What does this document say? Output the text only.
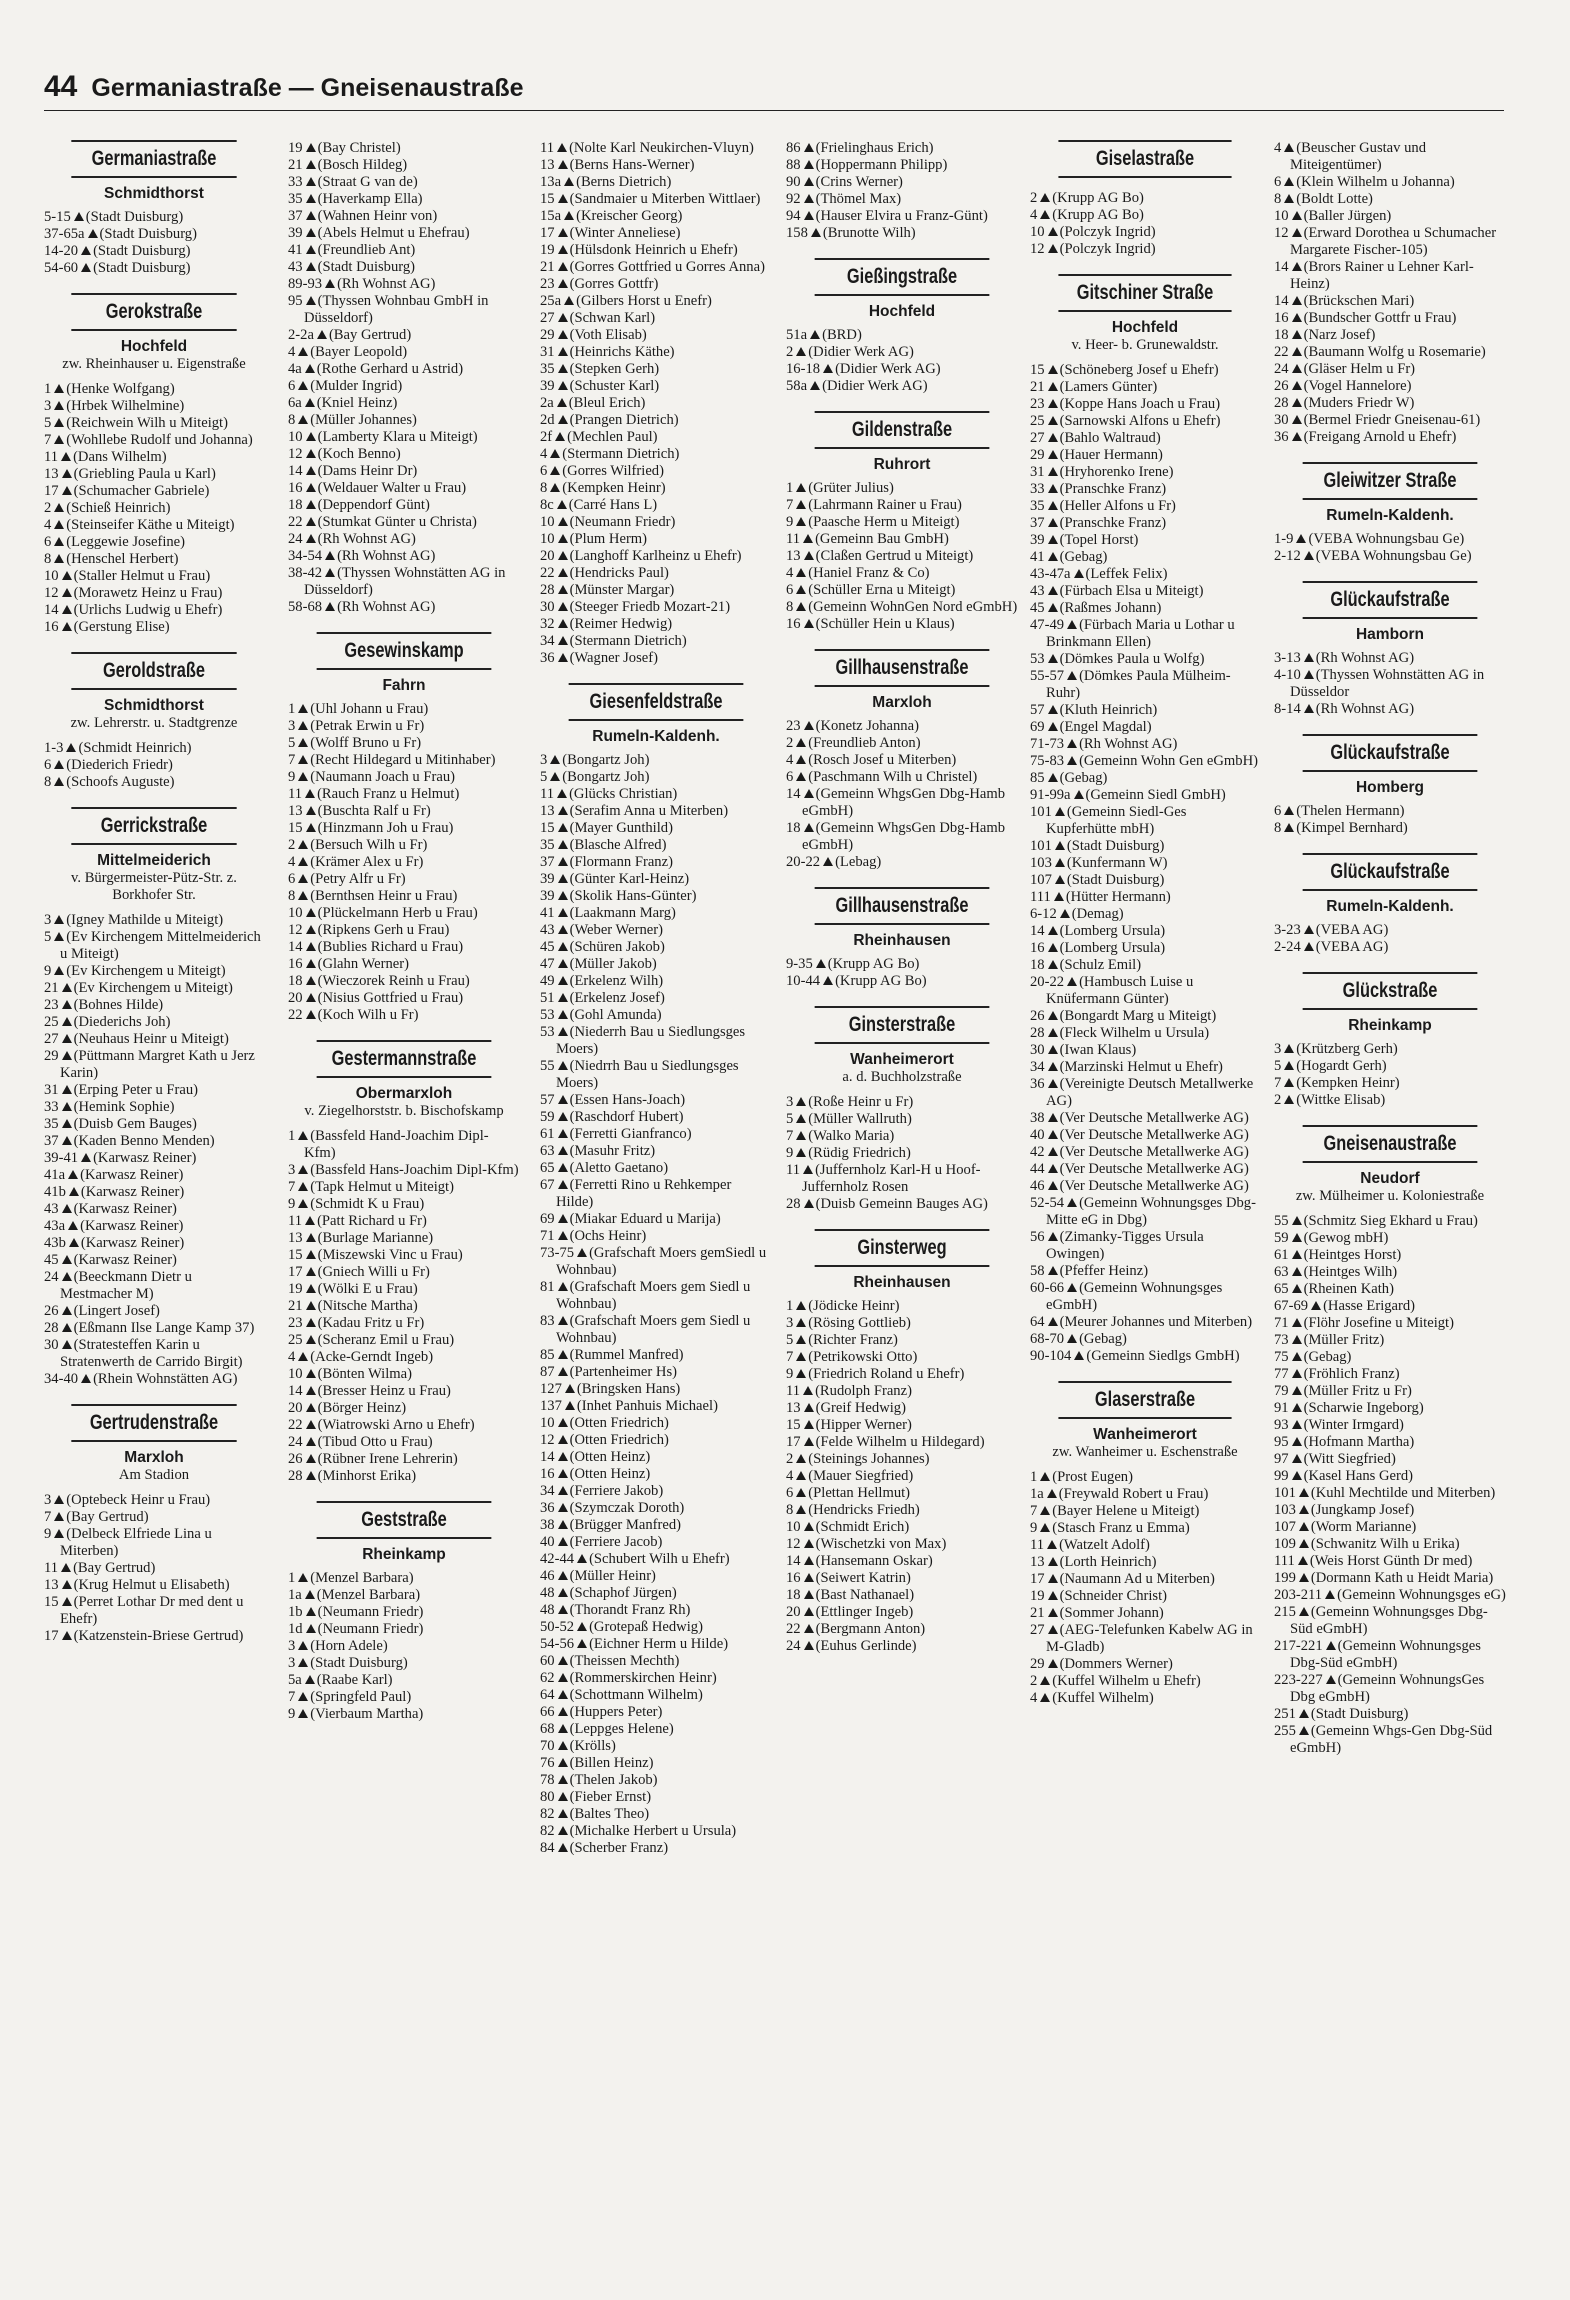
44 Germaniastraße — Gneisenaustraße
Germaniastraße
Schmidthorst
5-15 (Stadt Duisburg)
37-65a (Stadt Duisburg)
14-20 (Stadt Duisburg)
54-60 (Stadt Duisburg)
Gerokstraße
Hochfeld
zw. Rheinhauser u. Eigenstraße
1 (Henke Wolfgang)
3 (Hrbek Wilhelmine)
5 (Reichwein Wilh u Miteigt)
7 (Wohllebe Rudolf und Johanna)
11 (Dans Wilhelm)
13 (Griebling Paula u Karl)
17 (Schumacher Gabriele)
2 (Schieß Heinrich)
4 (Steinseifer Käthe u Miteigt)
6 (Leggewie Josefine)
8 (Henschel Herbert)
10 (Staller Helmut u Frau)
12 (Morawetz Heinz u Frau)
14 (Urlichs Ludwig u Ehefr)
16 (Gerstung Elise)
Geroldstraße
Schmidthorst
zw. Lehrerstr. u. Stadtgrenze
1-3 (Schmidt Heinrich)
6 (Diederich Friedr)
8 (Schoofs Auguste)
Gerrickstraße
Mittelmeiderich
v. Bürgermeister-Pütz-Str. z. Borkhofer Str.
3 (Igney Mathilde u Miteigt)
5 (Ev Kirchengem Mittelmeiderich u Miteigt)
9 (Ev Kirchengem u Miteigt)
21 (Ev Kirchengem u Miteigt)
23 (Bohnes Hilde)
25 (Diederichs Joh)
27 (Neuhaus Heinr u Miteigt)
29 (Püttmann Margret Kath u Jerz Karin)
31 (Erping Peter u Frau)
33 (Hemink Sophie)
35 (Duisb Gem Bauges)
37 (Kaden Benno Menden)
39-41 (Karwasz Reiner)
41a (Karwasz Reiner)
41b (Karwasz Reiner)
43 (Karwasz Reiner)
43a (Karwasz Reiner)
43b (Karwasz Reiner)
45 (Karwasz Reiner)
24 (Beeckmann Dietr u Mestmacher M)
26 (Lingert Josef)
28 (Eßmann Ilse Lange Kamp 37)
30 (Stratesteffen Karin u Stratenwerth de Carrido Birgit)
34-40 (Rhein Wohnstätten AG)
Gertrudenstraße
Marxloh
Am Stadion
3 (Optebeck Heinr u Frau)
7 (Bay Gertrud)
9 (Delbeck Elfriede Lina u Miterben)
11 (Bay Gertrud)
13 (Krug Helmut u Elisabeth)
15 (Perret Lothar Dr med dent u Ehefr)
17 (Katzenstein-Briese Gertrud)
19 (Bay Christel)
21 (Bosch Hildeg)
33 (Straat G van de)
35 (Haverkamp Ella)
37 (Wahnen Heinr von)
39 (Abels Helmut u Ehefrau)
41 (Freundlieb Ant)
43 (Stadt Duisburg)
89-93 (Rh Wohnst AG)
95 (Thyssen Wohnbau GmbH in Düsseldorf)
2-2a (Bay Gertrud)
4 (Bayer Leopold)
4a (Rothe Gerhard u Astrid)
6 (Mulder Ingrid)
6a (Kniel Heinz)
8 (Müller Johannes)
10 (Lamberty Klara u Miteigt)
12 (Koch Benno)
14 (Dams Heinr Dr)
16 (Weldauer Walter u Frau)
18 (Deppendorf Günt)
22 (Stumkat Günter u Christa)
24 (Rh Wohnst AG)
34-54 (Rh Wohnst AG)
38-42 (Thyssen Wohnstätten AG in Düsseldorf)
58-68 (Rh Wohnst AG)
Gesewinskamp
Fahrn
1 (Uhl Johann u Frau)
3 (Petrak Erwin u Fr)
5 (Wolff Bruno u Fr)
7 (Recht Hildegard u Mitinhaber)
9 (Naumann Joach u Frau)
11 (Rauch Franz u Helmut)
13 (Buschta Ralf u Fr)
15 (Hinzmann Joh u Frau)
2 (Bersuch Wilh u Fr)
4 (Krämer Alex u Fr)
6 (Petry Alfr u Fr)
8 (Bernthsen Heinr u Frau)
10 (Plückelmann Herb u Frau)
12 (Ripkens Gerh u Frau)
14 (Bublies Richard u Frau)
16 (Glahn Werner)
18 (Wieczorek Reinh u Frau)
20 (Nisius Gottfried u Frau)
22 (Koch Wilh u Fr)
Gestermannstraße
Obermarxloh
v. Ziegelhorststr. b. Bischofskamp
1 (Bassfeld Hand-Joachim Dipl-Kfm)
3 (Bassfeld Hans-Joachim Dipl-Kfm)
7 (Tapk Helmut u Miteigt)
9 (Schmidt K u Frau)
11 (Patt Richard u Fr)
13 (Burlage Marianne)
15 (Miszewski Vinc u Frau)
17 (Gniech Willi u Fr)
19 (Wölki E u Frau)
21 (Nitsche Martha)
23 (Kadau Fritz u Fr)
25 (Scheranz Emil u Frau)
4 (Acke-Gerndt Ingeb)
10 (Bönten Wilma)
14 (Bresser Heinz u Frau)
20 (Börger Heinz)
22 (Wiatrowski Arno u Ehefr)
24 (Tibud Otto u Frau)
26 (Rübner Irene Lehrerin)
28 (Minhorst Erika)
Geststraße
Rheinkamp
1 (Menzel Barbara)
1a (Menzel Barbara)
1b (Neumann Friedr)
1d (Neumann Friedr)
3 (Horn Adele)
3 (Stadt Duisburg)
5a (Raabe Karl)
7 (Springfeld Paul)
9 (Vierbaum Martha)
11 (Nolte Karl Neukirchen-Vluyn)
13 (Berns Hans-Werner)
13a (Berns Dietrich)
15 (Sandmaier u Miterben Wittlaer)
15a (Kreischer Georg)
17 (Winter Anneliese)
19 (Hülsdonk Heinrich u Ehefr)
21 (Gorres Gottfried u Gorres Anna)
23 (Gorres Gottfr)
25a (Gilbers Horst u Enefr)
27 (Schwan Karl)
29 (Voth Elisab)
31 (Heinrichs Käthe)
35 (Stepken Gerh)
39 (Schuster Karl)
2a (Bleul Erich)
2d (Prangen Dietrich)
2f (Mechlen Paul)
4 (Stermann Dietrich)
6 (Gorres Wilfried)
8 (Kempken Heinr)
8c (Carré Hans L)
10 (Neumann Friedr)
10 (Plum Herm)
20 (Langhoff Karlheinz u Ehefr)
22 (Hendricks Paul)
28 (Münster Margar)
30 (Steeger Friedb Mozart-21)
32 (Reimer Hedwig)
34 (Stermann Dietrich)
36 (Wagner Josef)
Giesenfeldstraße
Rumeln-Kaldenh.
3 (Bongartz Joh)
5 (Bongartz Joh)
11 (Glücks Christian)
13 (Serafim Anna u Miterben)
15 (Mayer Gunthild)
35 (Blasche Alfred)
37 (Flormann Franz)
39 (Günter Karl-Heinz)
39 (Skolik Hans-Günter)
41 (Laakmann Marg)
43 (Weber Werner)
45 (Schüren Jakob)
47 (Müller Jakob)
49 (Erkelenz Wilh)
51 (Erkelenz Josef)
53 (Gohl Amunda)
53 (Niederrh Bau u Siedlungsges Moers)
55 (Niedrrh Bau u Siedlungsges Moers)
57 (Essen Hans-Joach)
59 (Raschdorf Hubert)
61 (Ferretti Gianfranco)
63 (Masuhr Fritz)
65 (Aletto Gaetano)
67 (Ferretti Rino u Rehkemper Hilde)
69 (Miakar Eduard u Marija)
71 (Ochs Heinr)
73-75 (Grafschaft Moers gemSiedl u Wohnbau)
81 (Grafschaft Moers gem Siedl u Wohnbau)
83 (Grafschaft Moers gem Siedl u Wohnbau)
85 (Rummel Manfred)
87 (Partenheimer Hs)
127 (Bringsken Hans)
137 (Inhet Panhuis Michael)
10 (Otten Friedrich)
12 (Otten Friedrich)
14 (Otten Heinz)
16 (Otten Heinz)
34 (Ferriere Jakob)
36 (Szymczak Doroth)
38 (Brügger Manfred)
40 (Ferriere Jacob)
42-44 (Schubert Wilh u Ehefr)
46 (Müller Heinr)
48 (Schaphof Jürgen)
48 (Thorandt Franz Rh)
50-52 (Grotepaß Hedwig)
54-56 (Eichner Herm u Hilde)
60 (Theissen Mechth)
62 (Rommerskirchen Heinr)
64 (Schottmann Wilhelm)
66 (Huppers Peter)
68 (Leppges Helene)
70 (Krölls)
76 (Billen Heinz)
78 (Thelen Jakob)
80 (Fieber Ernst)
82 (Baltes Theo)
82 (Michalke Herbert u Ursula)
84 (Scherber Franz)
86 (Frielinghaus Erich)
88 (Hoppermann Philipp)
90 (Crins Werner)
92 (Thömel Max)
94 (Hauser Elvira u Franz-Günt)
158 (Brunotte Wilh)
Gießingstraße
Hochfeld
51a (BRD)
2 (Didier Werk AG)
16-18 (Didier Werk AG)
58a (Didier Werk AG)
Gildenstraße
Ruhrort
1 (Grüter Julius)
7 (Lahrmann Rainer u Frau)
9 (Paasche Herm u Miteigt)
11 (Gemeinn Bau GmbH)
13 (Claßen Gertrud u Miteigt)
4 (Haniel Franz & Co)
6 (Schüller Erna u Miteigt)
8 (Gemeinn WohnGen Nord eGmbH)
16 (Schüller Hein u Klaus)
Gillhausenstraße
Marxloh
23 (Konetz Johanna)
2 (Freundlieb Anton)
4 (Rosch Josef u Miterben)
6 (Paschmann Wilh u Christel)
14 (Gemeinn WhgsGen Dbg-Hamb eGmbH)
18 (Gemeinn WhgsGen Dbg-Hamb eGmbH)
20-22 (Lebag)
Gillhausenstraße
Rheinhausen
9-35 (Krupp AG Bo)
10-44 (Krupp AG Bo)
Ginsterstraße
Wanheimerort
a. d. Buchholzstraße
3 (Roße Heinr u Fr)
5 (Müller Wallruth)
7 (Walko Maria)
9 (Rüdig Friedrich)
11 (Juffernholz Karl-H u Hoof-Juffernholz Rosen
28 (Duisb Gemeinn Bauges AG)
Ginsterweg
Rheinhausen
1 (Jödicke Heinr)
3 (Rösing Gottlieb)
5 (Richter Franz)
7 (Petrikowski Otto)
9 (Friedrich Roland u Ehefr)
11 (Rudolph Franz)
13 (Greif Hedwig)
15 (Hipper Werner)
17 (Felde Wilhelm u Hildegard)
2 (Steinings Johannes)
4 (Mauer Siegfried)
6 (Plettan Hellmut)
8 (Hendricks Friedh)
10 (Schmidt Erich)
12 (Wischetzki von Max)
14 (Hansemann Oskar)
16 (Seiwert Katrin)
18 (Bast Nathanael)
20 (Ettlinger Ingeb)
22 (Bergmann Anton)
24 (Euhus Gerlinde)
Giselastraße
2 (Krupp AG Bo)
4 (Krupp AG Bo)
10 (Polczyk Ingrid)
12 (Polczyk Ingrid)
Gitschiner Straße
Hochfeld
v. Heer- b. Grunewaldstr.
15 (Schöneberg Josef u Ehefr)
21 (Lamers Günter)
23 (Koppe Hans Joach u Frau)
25 (Sarnowski Alfons u Ehefr)
27 (Bahlo Waltraud)
29 (Hauer Hermann)
31 (Hryhorenko Irene)
33 (Pranschke Franz)
35 (Heller Alfons u Fr)
37 (Pranschke Franz)
39 (Topel Horst)
41 (Gebag)
43-47a (Leffek Felix)
43 (Fürbach Elsa u Miteigt)
45 (Raßmes Johann)
47-49 (Fürbach Maria u Lothar u Brinkmann Ellen)
53 (Dömkes Paula u Wolfg)
55-57 (Dömkes Paula Mülheim-Ruhr)
57 (Kluth Heinrich)
69 (Engel Magdal)
71-73 (Rh Wohnst AG)
75-83 (Gemeinn Wohn Gen eGmbH)
85 (Gebag)
91-99a (Gemeinn Siedl GmbH)
101 (Gemeinn Siedl-Ges Kupferhütte mbH)
101 (Stadt Duisburg)
103 (Kunfermann W)
107 (Stadt Duisburg)
111 (Hütter Hermann)
6-12 (Demag)
14 (Lomberg Ursula)
16 (Lomberg Ursula)
18 (Schulz Emil)
20-22 (Hambusch Luise u Knüfermann Günter)
26 (Bongardt Marg u Miteigt)
28 (Fleck Wilhelm u Ursula)
30 (Iwan Klaus)
34 (Marzinski Helmut u Ehefr)
36 (Vereinigte Deutsch Metallwerke AG)
38 (Ver Deutsche Metallwerke AG)
40 (Ver Deutsche Metallwerke AG)
42 (Ver Deutsche Metallwerke AG)
44 (Ver Deutsche Metallwerke AG)
46 (Ver Deutsche Metallwerke AG)
52-54 (Gemeinn Wohnungsges Dbg-Mitte eG in Dbg)
56 (Zimanky-Tigges Ursula Owingen)
58 (Pfeffer Heinz)
60-66 (Gemeinn Wohnungsges eGmbH)
64 (Meurer Johannes und Miterben)
68-70 (Gebag)
90-104 (Gemeinn Siedlgs GmbH)
Glaserstraße
Wanheimerort
zw. Wanheimer u. Eschenstraße
1 (Prost Eugen)
1a (Freywald Robert u Frau)
7 (Bayer Helene u Miteigt)
9 (Stasch Franz u Emma)
11 (Watzelt Adolf)
13 (Lorth Heinrich)
17 (Naumann Ad u Miterben)
19 (Schneider Christ)
21 (Sommer Johann)
27 (AEG-Telefunken Kabelw AG in M-Gladb)
29 (Dommers Werner)
2 (Kuffel Wilhelm u Ehefr)
4 (Kuffel Wilhelm)
4 (Beuscher Gustav und Miteigentümer)
6 (Klein Wilhelm u Johanna)
8 (Boldt Lotte)
10 (Baller Jürgen)
12 (Erward Dorothea u Schumacher Margarete Fischer-105)
14 (Brors Rainer u Lehner Karl-Heinz)
14 (Brückschen Mari)
16 (Bundscher Gottfr u Frau)
18 (Narz Josef)
22 (Baumann Wolfg u Rosemarie)
24 (Gläser Helm u Fr)
26 (Vogel Hannelore)
28 (Muders Friedr W)
30 (Bermel Friedr Gneisenau-61)
36 (Freigang Arnold u Ehefr)
Gleiwitzer Straße
Rumeln-Kaldenh.
1-9 (VEBA Wohnungsbau Ge)
2-12 (VEBA Wohnungsbau Ge)
Glückaufstraße
Hamborn
3-13 (Rh Wohnst AG)
4-10 (Thyssen Wohnstätten AG in Düsseldor
8-14 (Rh Wohnst AG)
Glückaufstraße
Homberg
6 (Thelen Hermann)
8 (Kimpel Bernhard)
Glückaufstraße
Rumeln-Kaldenh.
3-23 (VEBA AG)
2-24 (VEBA AG)
Glückstraße
Rheinkamp
3 (Krützberg Gerh)
5 (Hogardt Gerh)
7 (Kempken Heinr)
2 (Wittke Elisab)
Gneisenaustraße
Neudorf
zw. Mülheimer u. Koloniestraße
55 (Schmitz Sieg Ekhard u Frau)
59 (Gewog mbH)
61 (Heintges Horst)
63 (Heintges Wilh)
65 (Rheinen Kath)
67-69 (Hasse Erigard)
71 (Flöhr Josefine u Miteigt)
73 (Müller Fritz)
75 (Gebag)
77 (Fröhlich Franz)
79 (Müller Fritz u Fr)
91 (Scharwie Ingeborg)
93 (Winter Irmgard)
95 (Hofmann Martha)
97 (Witt Siegfried)
99 (Kasel Hans Gerd)
101 (Kuhl Mechtilde und Miterben)
103 (Jungkamp Josef)
107 (Worm Marianne)
109 (Schwanitz Wilh u Erika)
111 (Weis Horst Günth Dr med)
199 (Dormann Kath u Heidt Maria)
203-211 (Gemeinn Wohnungsges eG)
215 (Gemeinn Wohnungsges Dbg-Süd eGmbH)
217-221 (Gemeinn Wohnungsges Dbg-Süd eGmbH)
223-227 (Gemeinn WohnungsGes Dbg eGmbH)
251 (Stadt Duisburg)
255 (Gemeinn Whgs-Gen Dbg-Süd eGmbH)
